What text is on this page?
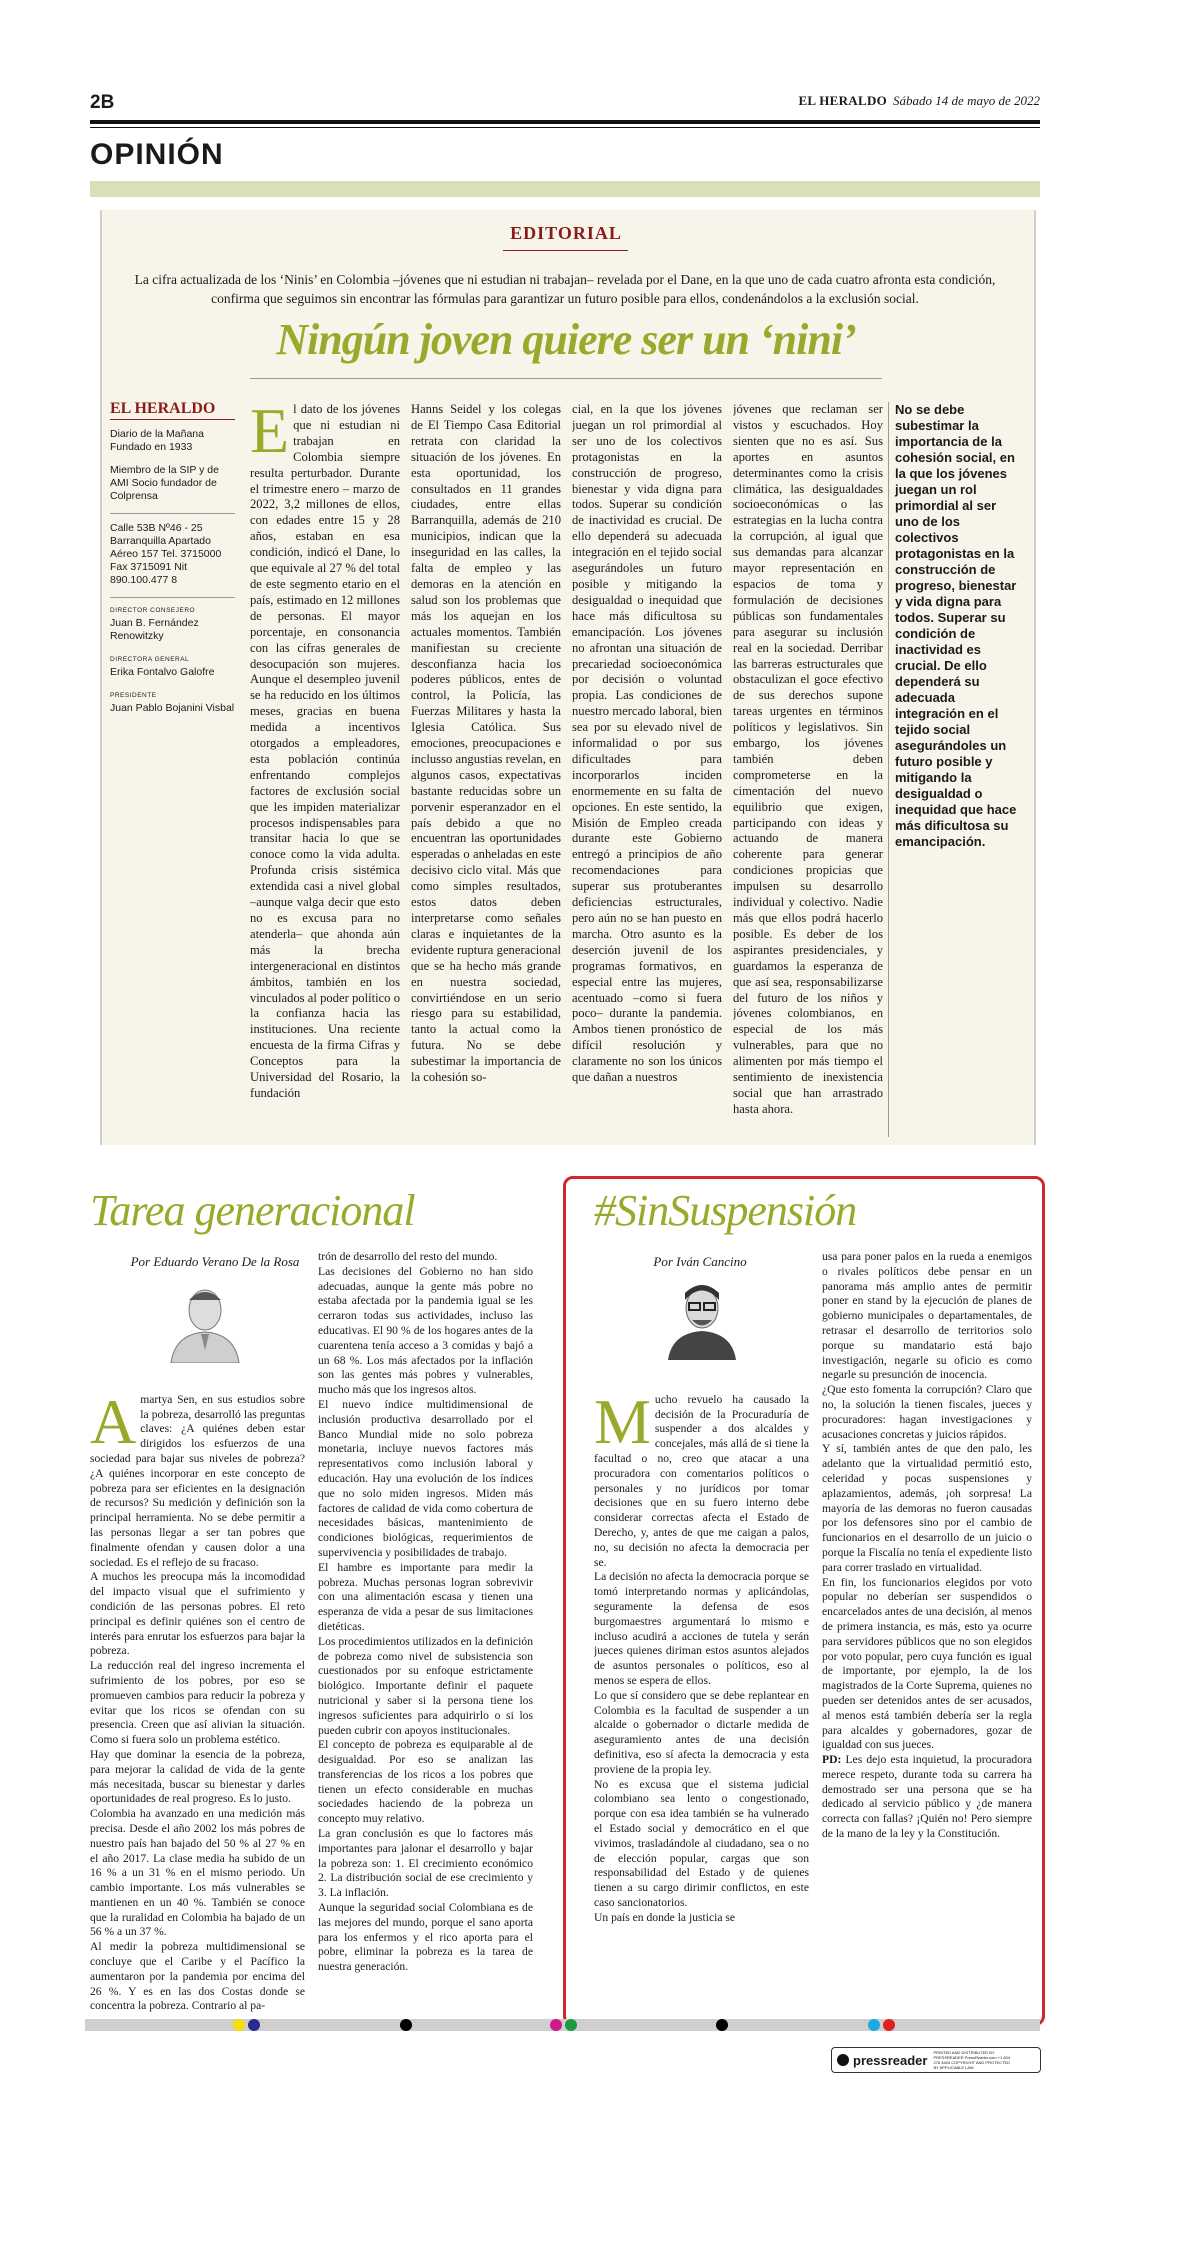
2B	EL HERALDO Sábado 14 de mayo de 2022
OPINIÓN
EDITORIAL
La cifra actualizada de los ‘Ninis’ en Colombia –jóvenes que ni estudian ni trabajan– revelada por el Dane, en la que uno de cada cuatro afronta esta condición, confirma que seguimos sin encontrar las fórmulas para garantizar un futuro posible para ellos, condenándolos a la exclusión social.
Ningún joven quiere ser un ‘nini’
EL HERALDO

Diario de la Mañana Fundado en 1933

Miembro de la SIP y de AMI Socio fundador de Colprensa

Calle 53B Nº46 - 25 Barranquilla Apartado Aéreo 157 Tel. 3715000 Fax 3715091 Nit 890.100.477 8

DIRECTOR CONSEJERO

Juan B. Fernández Renowitzky

DIRECTORA GENERAL

Erika Fontalvo Galofre

PRESIDENTE

Juan Pablo Bojanini Visbal

El dato de los jóvenes que ni estudian ni trabajan en Colombia siempre resulta perturbador. Durante el trimestre enero – marzo de 2022, 3,2 millones de ellos, con edades entre 15 y 28 años, estaban en esa condición, indicó el Dane, lo que equivale al 27 % del total de este segmento etario en el país, estimado en 12 millones de personas. El mayor porcentaje, en consonancia con las cifras generales de desocupación son mujeres. Aunque el desempleo juvenil se ha reducido en los últimos meses, gracias en buena medida a incentivos otorgados a empleadores, esta población continúa enfrentando complejos factores de exclusión social que les impiden materializar procesos indispensables para transitar hacia lo que se conoce como la vida adulta. Profunda crisis sistémica extendida casi a nivel global –aunque valga decir que esto no es excusa para no atenderla– que ahonda aún más la brecha intergeneracional en distintos ámbitos, también en los vinculados al poder político o la confianza hacia las instituciones. Una reciente encuesta de la firma Cifras y Conceptos para la Universidad del Rosario, la fundación
Hanns Seidel y los colegas de El Tiempo Casa Editorial retrata con claridad la situación de los jóvenes. En esta oportunidad, los consultados en 11 grandes ciudades, entre ellas Barranquilla, además de 210 municipios, indican que la inseguridad en las calles, la falta de empleo y las demoras en la atención en salud son los problemas que más los aquejan en los actuales momentos. También manifiestan su creciente desconfianza hacia los poderes públicos, entes de control, la Policía, las Fuerzas Militares y hasta la Iglesia Católica. Sus emociones, preocupaciones e inclusso angustias revelan, en algunos casos, expectativas bastante reducidas sobre un porvenir esperanzador en el país debido a que no encuentran las oportunidades esperadas o anheladas en este decisivo ciclo vital. Más que como simples resultados, estos datos deben interpretarse como señales claras e inquietantes de la evidente ruptura generacional que se ha hecho más grande en nuestra sociedad, convirtiéndose en un serio riesgo para su estabilidad, tanto la actual como la futura. No se debe subestimar la importancia de la cohesión so-
cial, en la que los jóvenes juegan un rol primordial al ser uno de los colectivos protagonistas en la construcción de progreso, bienestar y vida digna para todos. Superar su condición de inactividad es crucial. De ello dependerá su adecuada integración en el tejido social asegurándoles un futuro posible y mitigando la desigualdad o inequidad que hace más dificultosa su emancipación. Los jóvenes no afrontan una situación de precariedad socioeconómica por decisión o voluntad propia. Las condiciones de nuestro mercado laboral, bien sea por su elevado nivel de informalidad o por sus dificultades para incorporarlos inciden enormemente en su falta de opciones. En este sentido, la Misión de Empleo creada durante este Gobierno entregó a principios de año recomendaciones para superar sus protuberantes deficiencias estructurales, pero aún no se han puesto en marcha. Otro asunto es la deserción juvenil de los programas formativos, en especial entre las mujeres, acentuado –como si fuera poco– durante la pandemia. Ambos tienen pronóstico de difícil resolución y claramente no son los únicos que dañan a nuestros
jóvenes que reclaman ser vistos y escuchados. Hoy sienten que no es así. Sus aportes en asuntos determinantes como la crisis climática, las desigualdades socioeconómicas o las estrategias en la lucha contra la corrupción, al igual que sus demandas para alcanzar mayor representación en espacios de toma y formulación de decisiones públicas son fundamentales para asegurar su inclusión real en la sociedad. Derribar las barreras estructurales que obstaculizan el goce efectivo de sus derechos supone tareas urgentes en términos políticos y legislativos. Sin embargo, los jóvenes también deben comprometerse en la cimentación del nuevo equilibrio que exigen, participando con ideas y actuando de manera coherente para generar condiciones propicias que impulsen su desarrollo individual y colectivo. Nadie más que ellos podrá hacerlo posible. Es deber de los aspirantes presidenciales, y guardamos la esperanza de que así sea, responsabilizarse del futuro de los niños y jóvenes colombianos, en especial de los más vulnerables, para que no alimenten por más tiempo el sentimiento de inexistencia social que han arrastrado hasta ahora.
No se debe subestimar la importancia de la cohesión social, en la que los jóvenes juegan un rol primordial al ser uno de los colectivos protagonistas en la construcción de progreso, bienestar y vida digna para todos. Superar su condición de inactividad es crucial. De ello dependerá su adecuada integración en el tejido social asegurándoles un futuro posible y mitigando la desigualdad o inequidad que hace más dificultosa su emancipación.
Tarea generacional
Por Eduardo Verano De la Rosa

Amartya Sen, en sus estudios sobre la pobreza, desarrolló las preguntas claves: ¿A quiénes deben estar dirigidos los esfuerzos de una sociedad para bajar sus niveles de pobreza? ¿A quiénes incorporar en este concepto de pobreza para ser eficientes en la designación de recursos? Su medición y definición son la principal herramienta. No se debe permitir a las personas llegar a ser tan pobres que finalmente ofendan y causen dolor a una sociedad. Es el reflejo de su fracaso.
A muchos les preocupa más la incomodidad del impacto visual que el sufrimiento y condición de las personas pobres. El reto principal es definir quiénes son el centro de interés para enrutar los esfuerzos para bajar la pobreza.
La reducción real del ingreso incrementa el sufrimiento de los pobres, por eso se promueven cambios para reducir la pobreza y evitar que los ricos se ofendan con su presencia. Creen que así alivian la situación. Como si fuera solo un problema estético.
Hay que dominar la esencia de la pobreza, para mejorar la calidad de vida de la gente más necesitada, buscar su bienestar y darles oportunidades de real progreso. Es lo justo.
Colombia ha avanzado en una medición más precisa. Desde el año 2002 los más pobres de nuestro país han bajado del 50 % al 27 % en el año 2017. La clase media ha subido de un 16 % a un 31 % en el mismo periodo. Un cambio importante. Los más vulnerables se mantienen en un 40 %. También se conoce que la ruralidad en Colombia ha bajado de un 56 % a un 37 %.
Al medir la pobreza multidimensional se concluye que el Caribe y el Pacífico la aumentaron por la pandemia por encima del 26 %. Y es en las dos Costas donde se concentra la pobreza. Contrario al pa-

trón de desarrollo del resto del mundo.
Las decisiones del Gobierno no han sido adecuadas, aunque la gente más pobre no estaba afectada por la pandemia igual se les cerraron todas sus actividades, incluso las educativas. El 90 % de los hogares antes de la cuarentena tenía acceso a 3 comidas y bajó a un 68 %. Los más afectados por la inflación son las gentes más pobres y vulnerables, mucho más que los ingresos altos.
El nuevo índice multidimensional de inclusión productiva desarrollado por el Banco Mundial mide no solo pobreza monetaria, incluye nuevos factores más representativos como inclusión laboral y educación. Hay una evolución de los índices que no solo miden ingresos. Miden más factores de calidad de vida como cobertura de necesidades básicas, mantenimiento de condiciones biológicas, requerimientos de supervivencia y posibilidades de trabajo.
El hambre es importante para medir la pobreza. Muchas personas logran sobrevivir con una alimentación escasa y tienen una esperanza de vida a pesar de sus limitaciones dietéticas.
Los procedimientos utilizados en la definición de pobreza como nivel de subsistencia son cuestionados por su enfoque estrictamente biológico. Importante definir el paquete nutricional y saber si la persona tiene los ingresos suficientes para adquirirlo o si los pueden cubrir con apoyos institucionales.
El concepto de pobreza es equiparable al de desigualdad. Por eso se analizan las transferencias de los ricos a los pobres que tienen un efecto considerable en muchas sociedades haciendo de la pobreza un concepto muy relativo.
La gran conclusión es que lo factores más importantes para jalonar el desarrollo y bajar la pobreza son: 1. El crecimiento económico 2. La distribución social de ese crecimiento y 3. La inflación.
Aunque la seguridad social Colombiana es de las mejores del mundo, porque el sano aporta para los enfermos y el rico aporta para el pobre, eliminar la pobreza es la tarea de nuestra generación.
#SinSuspensión
Por Iván Cancino

Mucho revuelo ha causado la decisión de la Procuraduría de suspender a dos alcaldes y concejales, más allá de si tiene la facultad o no, creo que atacar a una procuradora con comentarios políticos o personales y no jurídicos por tomar decisiones que en su fuero interno debe considerar correctas afecta el Estado de Derecho, y, antes de que me caigan a palos, no, su decisión no afecta la democracia per se.
La decisión no afecta la democracia porque se tomó interpretando normas y aplicándolas, seguramente la defensa de esos burgomaestres argumentará lo mismo e incluso acudirá a acciones de tutela y serán jueces quienes diriman estos asuntos alejados de asuntos personales o políticos, eso al menos se espera de ellos.
Lo que sí considero que se debe replantear en Colombia es la facultad de suspender a un alcalde o gobernador o dictarle medida de aseguramiento antes de una decisión definitiva, eso sí afecta la democracia y esta proviene de la propia ley.
No es excusa que el sistema judicial colombiano sea lento o congestionado, porque con esa idea también se ha vulnerado el Estado social y democrático en el que vivimos, trasladándole al ciudadano, sea o no de elección popular, cargas que son responsabilidad del Estado y de quienes tienen a su cargo dirimir conflictos, en este caso sancionatorios.
Un país en donde la justicia se

usa para poner palos en la rueda a enemigos o rivales políticos debe pensar en un panorama más amplio antes de permitir poner en stand by la ejecución de planes de gobierno municipales o departamentales, de retrasar el desarrollo de territorios solo porque su mandatario está bajo investigación, negarle su oficio es como negarle su presunción de inocencia.
¿Que esto fomenta la corrupción? Claro que no, la solución la tienen fiscales, jueces y procuradores: hagan investigaciones y acusaciones concretas y juicios rápidos.
Y sí, también antes de que den palo, les adelanto que la virtualidad permitió esto, celeridad y pocas suspensiones y aplazamientos, además, ¡oh sorpresa! La mayoría de las demoras no fueron causadas por los defensores sino por el cambio de funcionarios en el desarrollo de un juicio o porque la Fiscalía no tenía el expediente listo para correr traslado en virtualidad.
En fin, los funcionarios elegidos por voto popular no deberían ser suspendidos o encarcelados antes de una decisión, al menos de primera instancia, es más, esto ya ocurre para servidores públicos que no son elegidos por voto popular, pero cuya función es igual de importante, por ejemplo, la de los magistrados de la Corte Suprema, quienes no pueden ser detenidos antes de ser acusados, al menos está también debería ser la regla para alcaldes y gobernadores, gozar de igualdad con sus jueces.
PD: Les dejo esta inquietud, la procuradora merece respeto, durante toda su carrera ha demostrado ser una persona que se ha dedicado al servicio público y ¿de manera correcta con fallas? ¡Quién no! Pero siempre de la mano de la ley y la Constitución.
pressreader PRINTED AND DISTRIBUTED BY PRESSREADER PressReader.com +1 604 278 4604 COPYRIGHT AND PROTECTED BY APPLICABLE LAW
